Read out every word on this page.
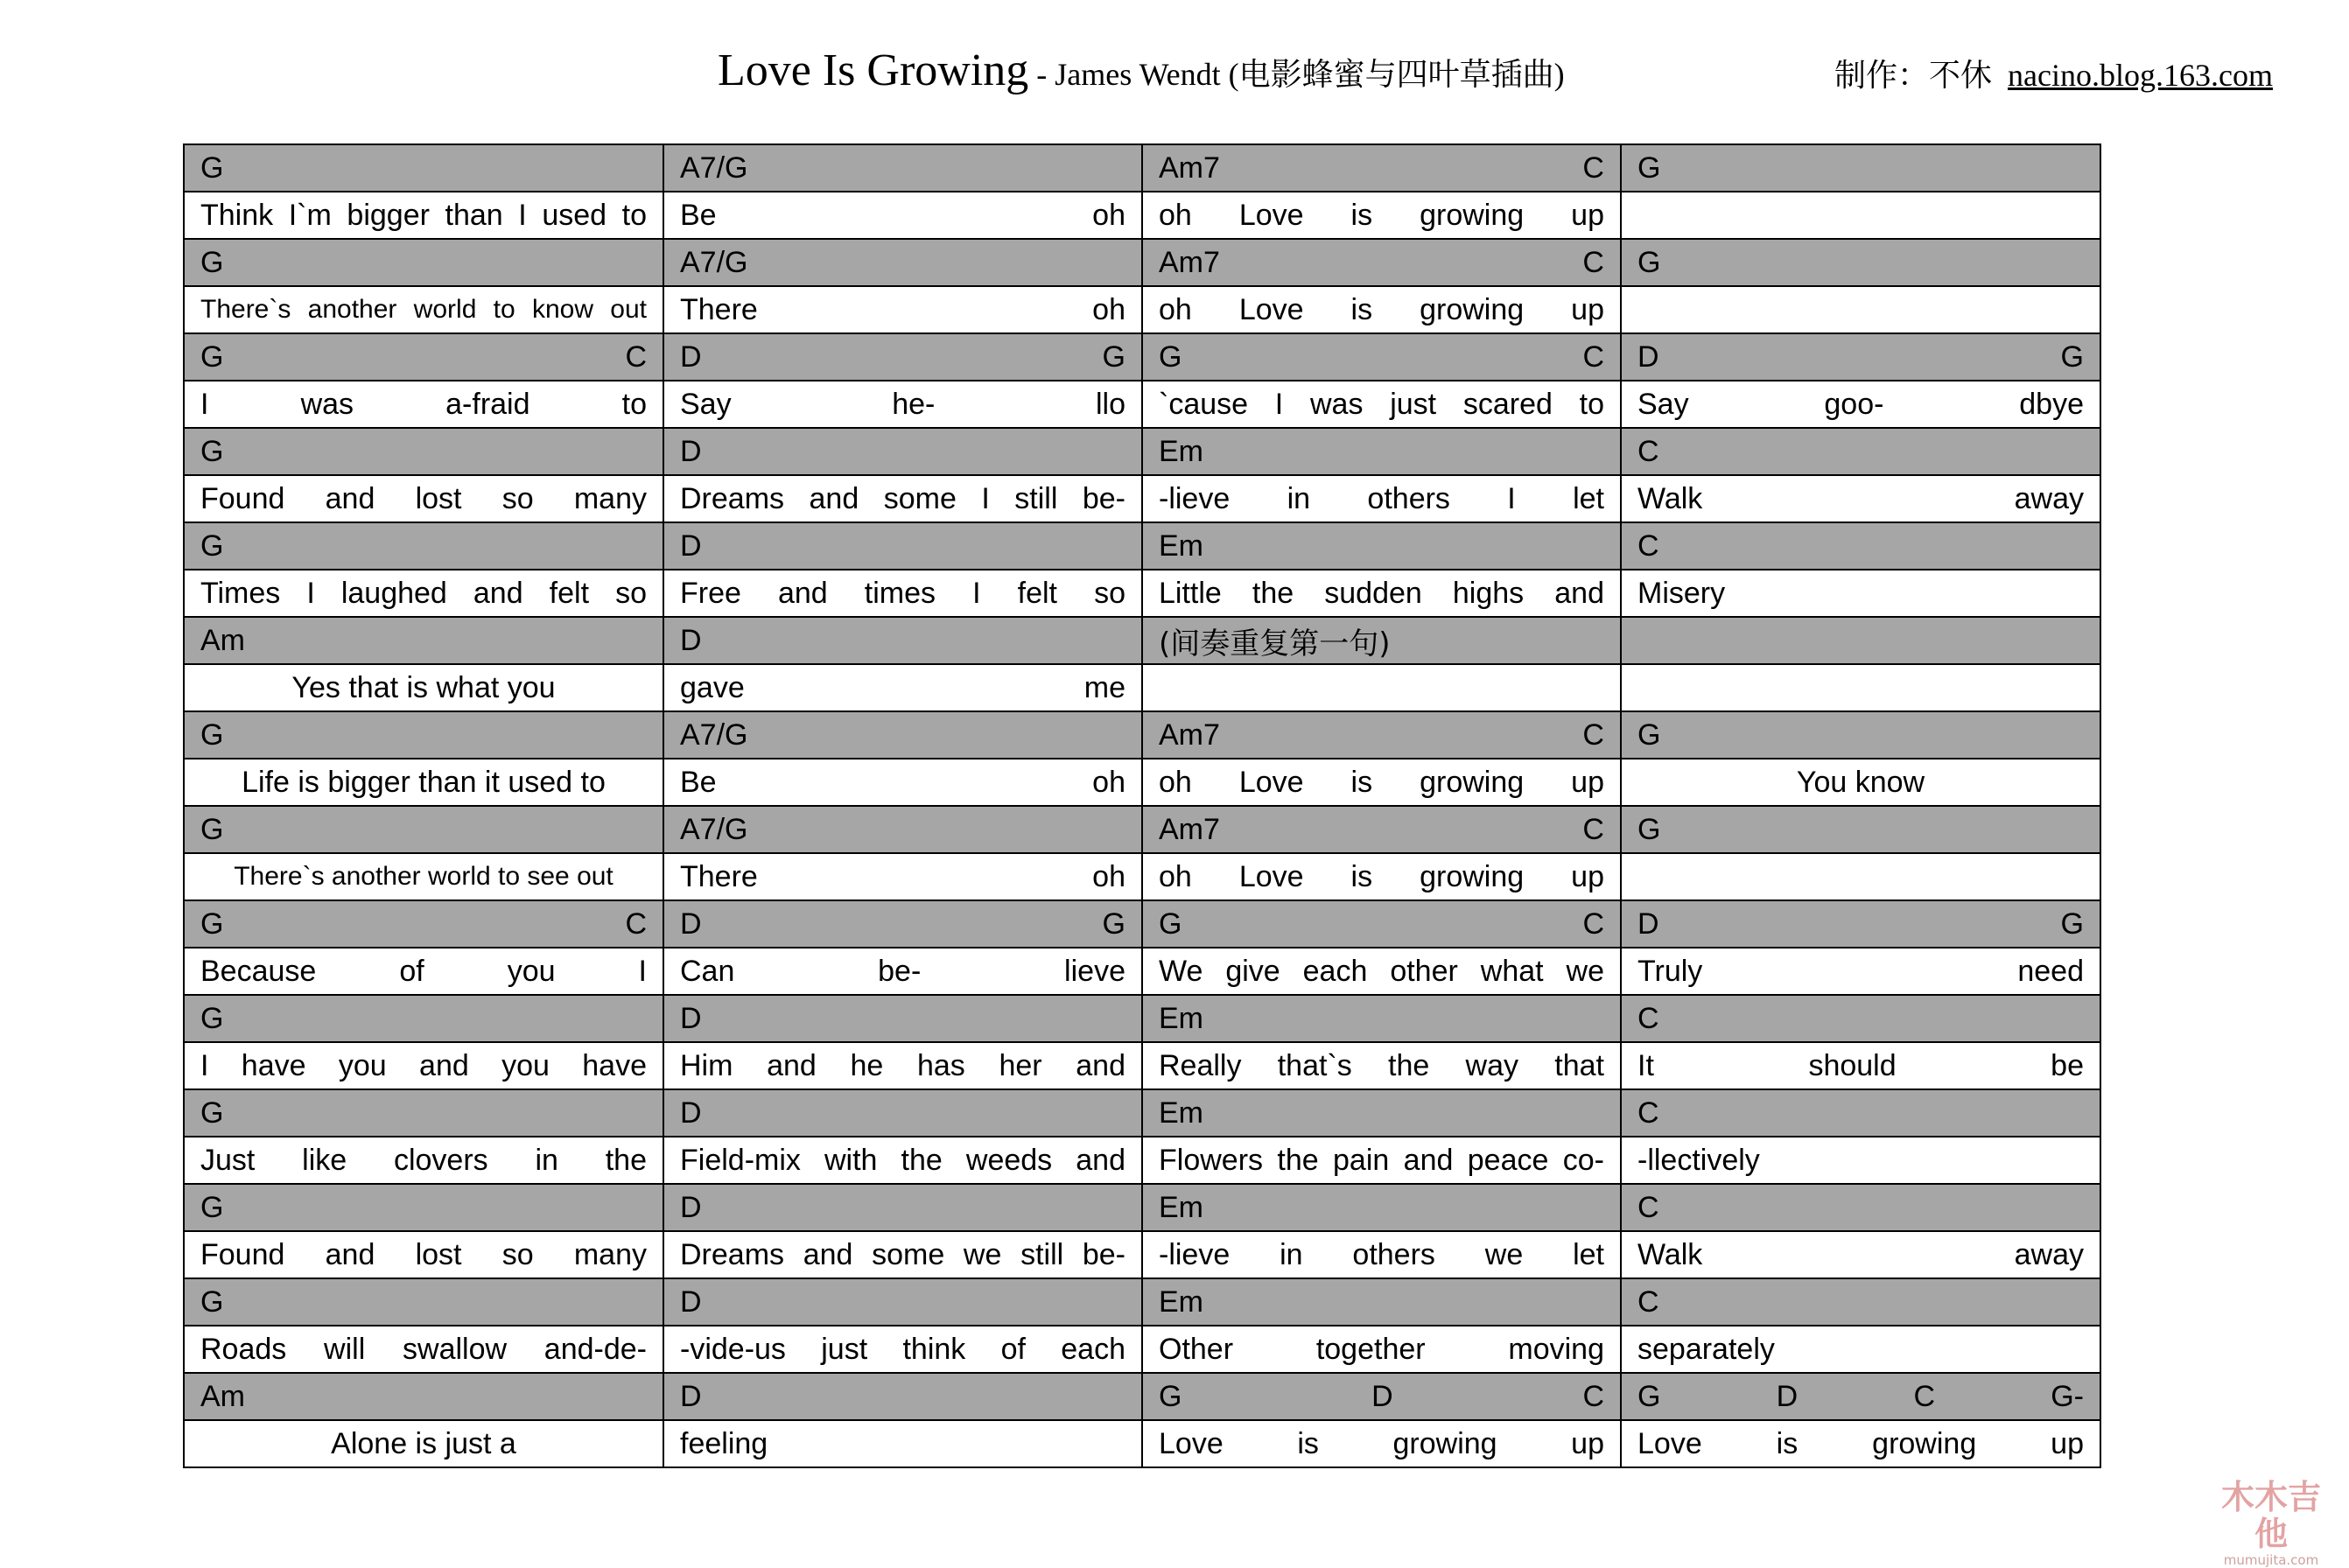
Love Is Growing - James Wendt (电影蜂蜜与四叶草插曲)	制作：不休 nacino.blog.163.com
G	A7/G	Am7 C	G
Think I`m bigger than I used to	Be oh	oh Love is growing up	
G	A7/G	Am7 C	G
There`s another world to know out	There oh	oh Love is growing up	
G C	D G	G C	D G
I was a-fraid to	Say he- llo	`cause I was just scared to	Say goo- dbye
G	D	Em	C
Found and lost so many	Dreams and some I still be-	-lieve in others I let	Walk away
G	D	Em	C
Times I laughed and felt so	Free and times I felt so	Little the sudden highs and	Misery
Am	D	(间奏重复第一句)	
Yes that is what you	gave me		
G	A7/G	Am7 C	G
Life is bigger than it used to	Be oh	oh Love is growing up	You know
G	A7/G	Am7 C	G
There`s another world to see out	There oh	oh Love is growing up	
G C	D G	G C	D G
Because of you I	Can be- lieve	We give each other what we	Truly need
G	D	Em	C
I have you and you have	Him and he has her and	Really that`s the way that	It should be
G	D	Em	C
Just like clovers in the	Field-mix with the weeds and	Flowers the pain and peace co-	-llectively
G	D	Em	C
Found and lost so many	Dreams and some we still be-	-lieve in others we let	Walk away
G	D	Em	C
Roads will swallow and-de-	-vide-us just think of each	Other together moving	separately
Am	D	G D C	G D C G-
Alone is just a	feeling	Love is growing up	Love is growing up
木木吉他
mumujita.com
